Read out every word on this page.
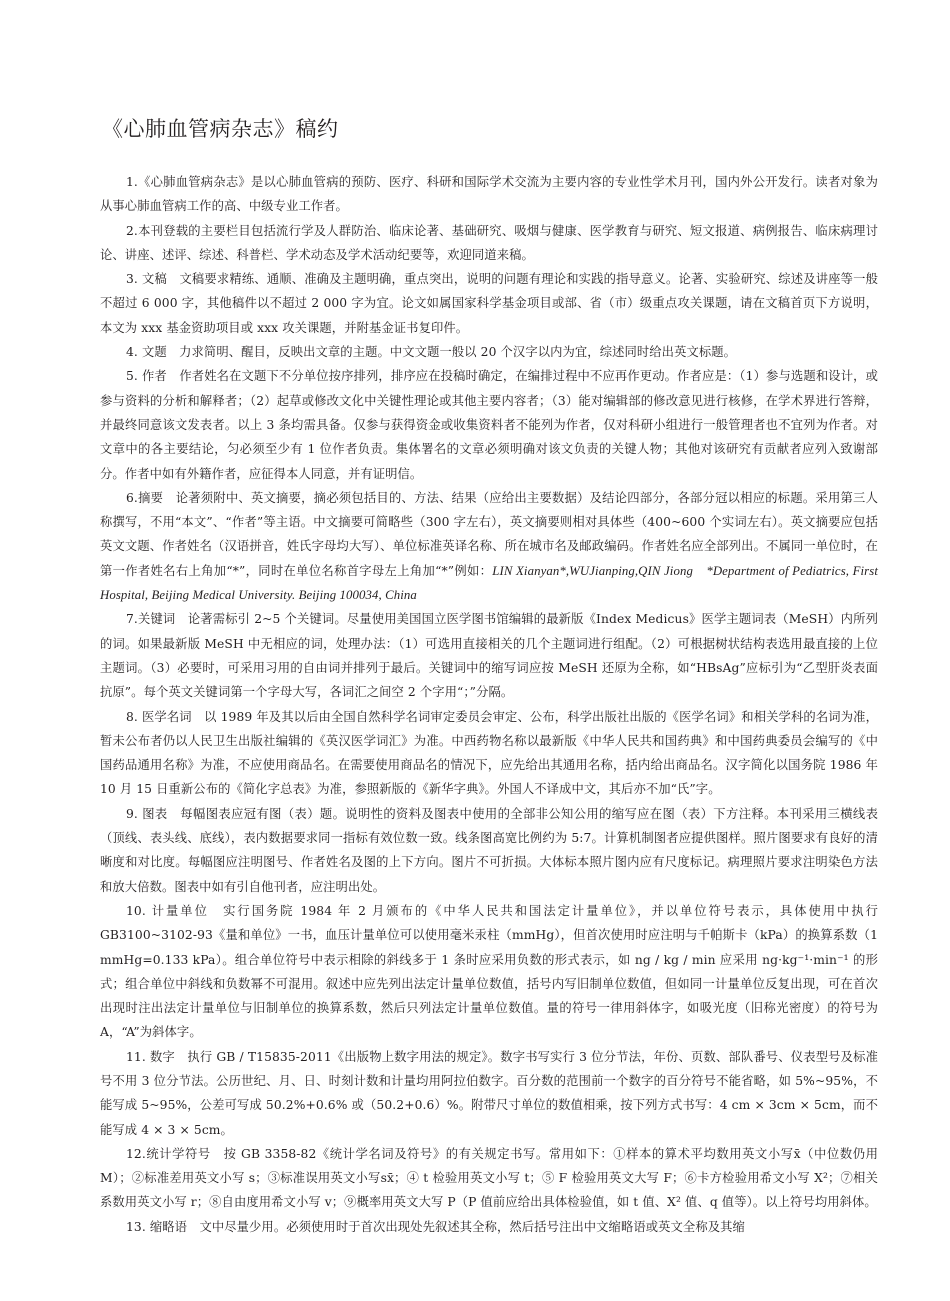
《心肺血管病杂志》稿约

1.《心肺血管病杂志》是以心肺血管病的预防、医疗、科研和国际学术交流为主要内容的专业性学术月刊，国内外公开发行。读者对象为从事心肺血管病工作的高、中级专业工作者。

2.本刊登载的主要栏目包括流行学及人群防治、临床论著、基础研究、吸烟与健康、医学教育与研究、短文报道、病例报告、临床病理讨论、讲座、述评、综述、科普栏、学术动态及学术活动纪要等，欢迎同道来稿。

3. 文稿　文稿要求精练、通顺、准确及主题明确，重点突出，说明的问题有理论和实践的指导意义。论著、实验研究、综述及讲座等一般不超过 6 000 字，其他稿件以不超过 2 000 字为宜。论文如属国家科学基金项目或部、省（市）级重点攻关课题，请在文稿首页下方说明，本文为 xxx 基金资助项目或 xxx 攻关课题，并附基金证书复印件。

4. 文题　力求简明、醒目，反映出文章的主题。中文文题一般以 20 个汉字以内为宜，综述同时给出英文标题。

5. 作者　作者姓名在文题下不分单位按序排列，排序应在投稿时确定，在编排过程中不应再作更动。作者应是：（1）参与选题和设计，或参与资料的分析和解释者；（2）起草或修改文化中关键性理论或其他主要内容者；（3）能对编辑部的修改意见进行核修，在学术界进行答辩，并最终同意该文发表者。以上 3 条均需具备。仅参与获得资金或收集资料者不能列为作者，仅对科研小组进行一般管理者也不宜列为作者。对文章中的各主要结论，匀必须至少有 1 位作者负责。集体署名的文章必须明确对该文负责的关键人物；其他对该研究有贡献者应列入致谢部分。作者中如有外籍作者，应征得本人同意，并有证明信。

6.摘要　论著须附中、英文摘要，摘必须包括目的、方法、结果（应给出主要数据）及结论四部分，各部分冠以相应的标题。采用第三人称撰写，不用“本文”、“作者”等主语。中文摘要可简略些（300 字左右），英文摘要则相对具体些（400~600 个实词左右）。英文摘要应包括英文文题、作者姓名（汉语拼音，姓氏字母均大写）、单位标准英译名称、所在城市名及邮政编码。作者姓名应全部列出。不属同一单位时，在第一作者姓名右上角加“*”，同时在单位名称首字母左上角加“*”例如：LIN Xianyan*,WUJianping,QIN Jiong　*Department of Pediatrics, First Hospital, Beijing Medical University. Beijing 100034, China

7.关键词　论著需标引 2~5 个关键词。尽量使用美国国立医学图书馆编辑的最新版《Index Medicus》医学主题词表（MeSH）内所列的词。如果最新版 MeSH 中无相应的词，处理办法：（1）可选用直接相关的几个主题词进行组配。（2）可根据树状结构表选用最直接的上位主题词。（3）必要时，可采用习用的自由词并排列于最后。关键词中的缩写词应按 MeSH 还原为全称，如“HBsAg”应标引为“乙型肝炎表面抗原”。每个英文关键词第一个字母大写，各词汇之间空 2 个字用“；”分隔。

8. 医学名词　以 1989 年及其以后由全国自然科学名词审定委员会审定、公布，科学出版社出版的《医学名词》和相关学科的名词为准，暂未公布者仍以人民卫生出版社编辑的《英汉医学词汇》为准。中西药物名称以最新版《中华人民共和国药典》和中国药典委员会编写的《中国药品通用名称》为准，不应使用商品名。在需要使用商品名的情况下，应先给出其通用名称，括内给出商品名。汉字简化以国务院 1986 年 10 月 15 日重新公布的《简化字总表》为准，参照新版的《新华字典》。外国人不译成中文，其后亦不加“氏”字。

9. 图表　每幅图表应冠有图（表）题。说明性的资料及图表中使用的全部非公知公用的缩写应在图（表）下方注释。本刊采用三横线表（顶线、表头线、底线），表内数据要求同一指标有效位数一致。线条图高宽比例约为 5:7。计算机制图者应提供图样。照片图要求有良好的清晰度和对比度。每幅图应注明图号、作者姓名及图的上下方向。图片不可折损。大体标本照片图内应有尺度标记。病理照片要求注明染色方法和放大倍数。图表中如有引自他刊者，应注明出处。

10. 计量单位　实行国务院 1984 年 2 月颁布的《中华人民共和国法定计量单位》，并以单位符号表示，具体使用中执行 GB3100~3102-93《量和单位》一书，血压计量单位可以使用毫米汞柱（mmHg），但首次使用时应注明与千帕斯卡（kPa）的换算系数（1 mmHg=0.133 kPa）。组合单位符号中表示相除的斜线多于 1 条时应采用负数的形式表示，如 ng / kg / min 应采用 ng·kg⁻¹·min⁻¹ 的形式；组合单位中斜线和负数幂不可混用。叙述中应先列出法定计量单位数值，括号内写旧制单位数值，但如同一计量单位反复出现，可在首次出现时注出法定计量单位与旧制单位的换算系数，然后只列法定计量单位数值。量的符号一律用斜体字，如吸光度（旧称光密度）的符号为 A，“A”为斜体字。

11. 数字　执行 GB / T15835-2011《出版物上数字用法的规定》。数字书写实行 3 位分节法，年份、页数、部队番号、仪表型号及标准号不用 3 位分节法。公历世纪、月、日、时刻计数和计量均用阿拉伯数字。百分数的范围前一个数字的百分符号不能省略，如 5%~95%，不能写成 5~95%，公差可写成 50.2%+0.6% 或（50.2+0.6）%。附带尺寸单位的数值相乘，按下列方式书写：4 cm × 3cm × 5cm，而不能写成 4 × 3 × 5cm。

12.统计学符号　按 GB 3358-82《统计学名词及符号》的有关规定书写。常用如下：①样本的算术平均数用英文小写x̄（中位数仍用 M）；②标准差用英文小写 s；③标准误用英文小写sx̄；④ t 检验用英文小写 t；⑤ F 检验用英文大写 F；⑥卡方检验用希文小写 X²；⑦相关系数用英文小写 r；⑧自由度用希文小写 v；⑨概率用英文大写 P（P 值前应给出具体检验值，如 t 值、X² 值、q 值等）。以上符号均用斜体。

13. 缩略语　文中尽量少用。必须使用时于首次出现处先叙述其全称，然后括号注出中文缩略语或英文全称及其缩
